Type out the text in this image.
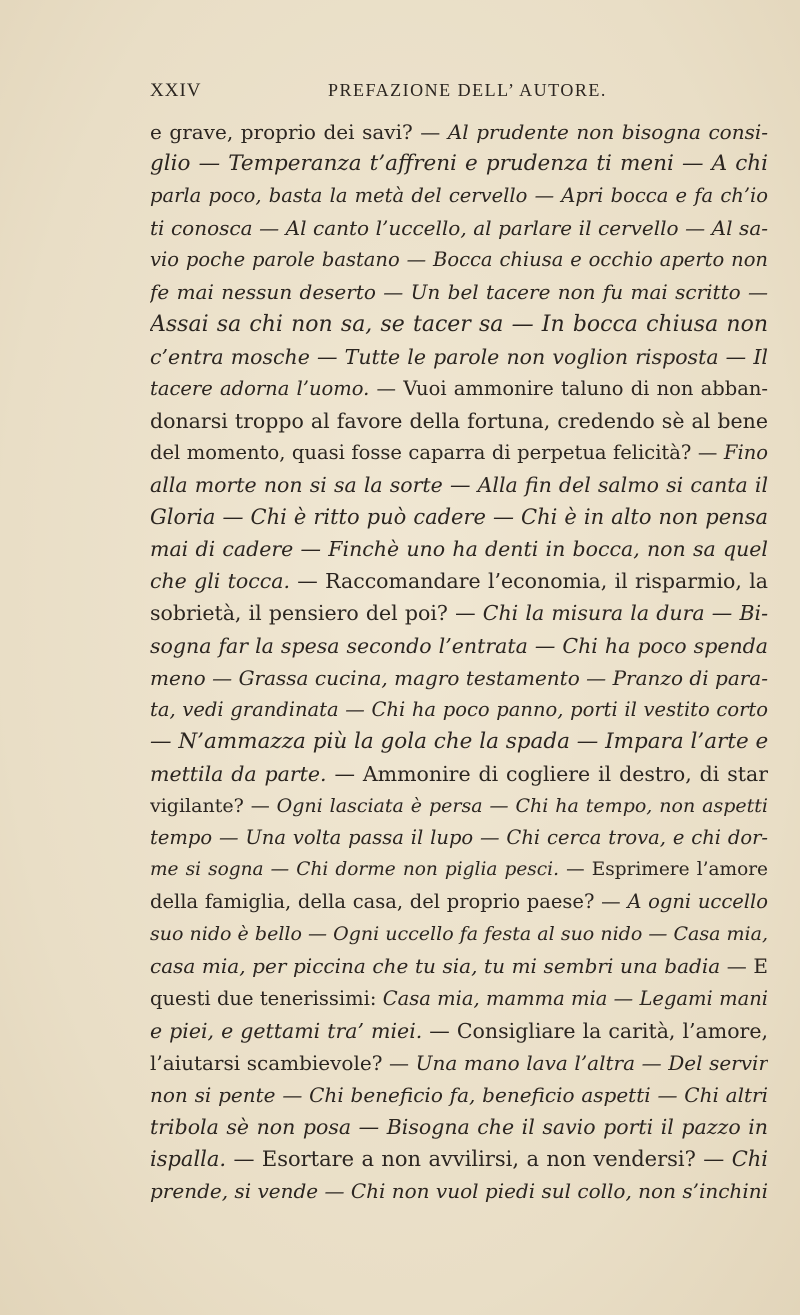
XXIV	PREFAZIONE DELL’ AUTORE.
e grave, proprio dei savi? — Al prudente non bisogna consi-
glio — Temperanza t’affreni e prudenza ti meni — A chi
parla poco, basta la metà del cervello — Apri bocca e fa ch’io
ti conosca — Al canto l’uccello, al parlare il cervello — Al sa-
vio poche parole bastano — Bocca chiusa e occhio aperto non
fe mai nessun deserto — Un bel tacere non fu mai scritto —
Assai sa chi non sa, se tacer sa — In bocca chiusa non
c’entra mosche — Tutte le parole non voglion risposta — Il
tacere adorna l’uomo. — Vuoi ammonire taluno di non abban-
donarsi troppo al favore della fortuna, credendo sè al bene
del momento, quasi fosse caparra di perpetua felicità? — Fino
alla morte non si sa la sorte — Alla fin del salmo si canta il
Gloria — Chi è ritto può cadere — Chi è in alto non pensa
mai di cadere — Finchè uno ha denti in bocca, non sa quel
che gli tocca. — Raccomandare l’economia, il risparmio, la
sobrietà, il pensiero del poi? — Chi la misura la dura — Bi-
sogna far la spesa secondo l’entrata — Chi ha poco spenda
meno — Grassa cucina, magro testamento — Pranzo di para-
ta, vedi grandinata — Chi ha poco panno, porti il vestito corto
— N’ammazza più la gola che la spada — Impara l’arte e
mettila da parte. — Ammonire di cogliere il destro, di star
vigilante? — Ogni lasciata è persa — Chi ha tempo, non aspetti
tempo — Una volta passa il lupo — Chi cerca trova, e chi dor-
me si sogna — Chi dorme non piglia pesci. — Esprimere l’amore
della famiglia, della casa, del proprio paese? — A ogni uccello
suo nido è bello — Ogni uccello fa festa al suo nido — Casa mia,
casa mia, per piccina che tu sia, tu mi sembri una badia — E
questi due tenerissimi: Casa mia, mamma mia — Legami mani
e piei, e gettami tra’ miei. — Consigliare la carità, l’amore,
l’aiutarsi scambievole? — Una mano lava l’altra — Del servir
non si pente — Chi beneficio fa, beneficio aspetti — Chi altri
tribola sè non posa — Bisogna che il savio porti il pazzo in
ispalla. — Esortare a non avvilirsi, a non vendersi? — Chi
prende, si vende — Chi non vuol piedi sul collo, non s’inchini
